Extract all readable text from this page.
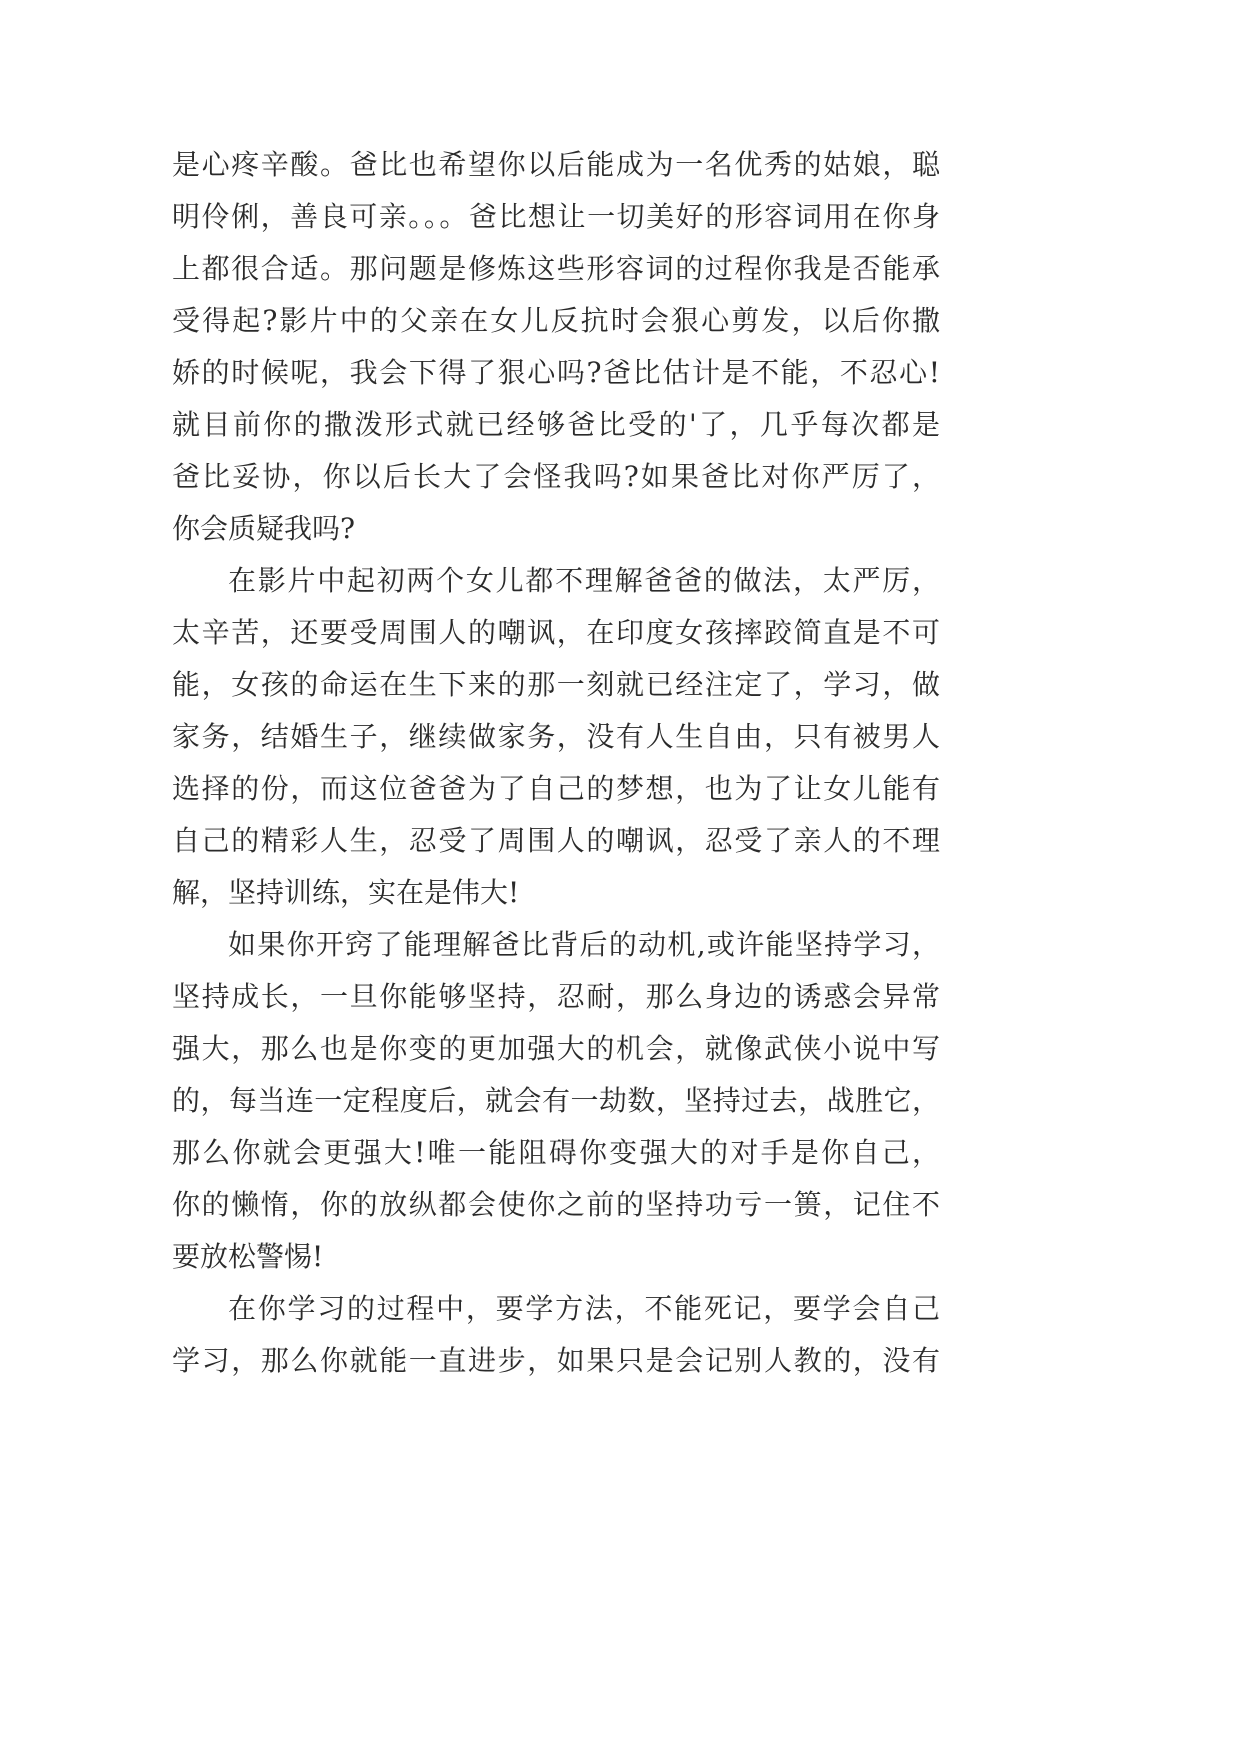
是心疼辛酸。爸比也希望你以后能成为一名优秀的姑娘，聪
明伶俐，善良可亲。。。爸比想让一切美好的形容词用在你身
上都很合适。那问题是修炼这些形容词的过程你我是否能承
受得起?影片中的父亲在女儿反抗时会狠心剪发，以后你撒
娇的时候呢，我会下得了狠心吗?爸比估计是不能，不忍心!
就目前你的撒泼形式就已经够爸比受的'了，几乎每次都是
爸比妥协，你以后长大了会怪我吗?如果爸比对你严厉了，
你会质疑我吗?
在影片中起初两个女儿都不理解爸爸的做法，太严厉，
太辛苦，还要受周围人的嘲讽，在印度女孩摔跤简直是不可
能，女孩的命运在生下来的那一刻就已经注定了，学习，做
家务，结婚生子，继续做家务，没有人生自由，只有被男人
选择的份，而这位爸爸为了自己的梦想，也为了让女儿能有
自己的精彩人生，忍受了周围人的嘲讽，忍受了亲人的不理
解，坚持训练，实在是伟大!
如果你开窍了能理解爸比背后的动机,或许能坚持学习，
坚持成长，一旦你能够坚持，忍耐，那么身边的诱惑会异常
强大，那么也是你变的更加强大的机会，就像武侠小说中写
的，每当连一定程度后，就会有一劫数，坚持过去，战胜它，
那么你就会更强大!唯一能阻碍你变强大的对手是你自己，
你的懒惰，你的放纵都会使你之前的坚持功亏一篑，记住不
要放松警惕!
在你学习的过程中，要学方法，不能死记，要学会自己
学习，那么你就能一直进步，如果只是会记别人教的，没有
